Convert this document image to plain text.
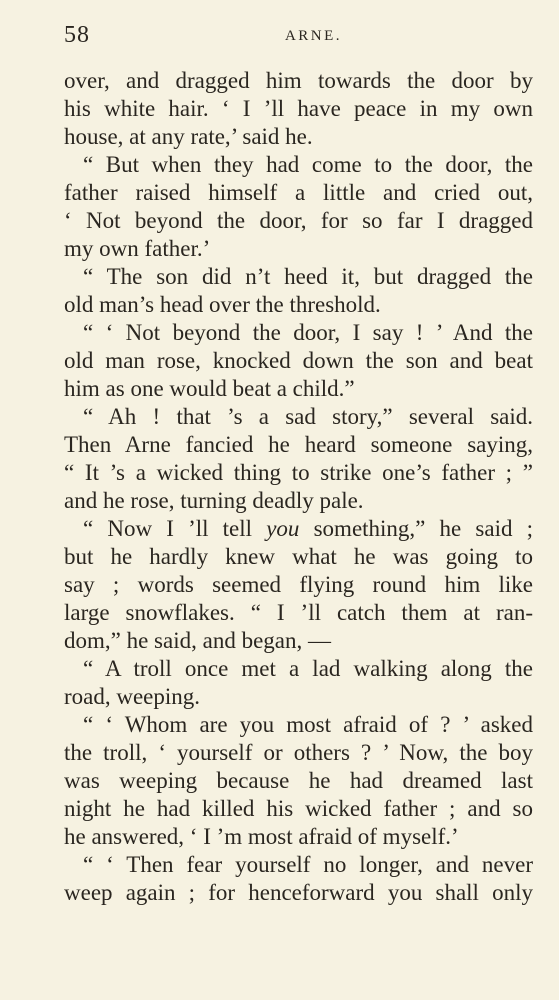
58	ARNE.
over, and dragged him towards the door by
his white hair. ‘ I ’ll have peace in my own
house, at any rate,’ said he.
“ But when they had come to the door, the
father raised himself a little and cried out,
‘ Not beyond the door, for so far I dragged
my own father.’
“ The son did n’t heed it, but dragged the
old man’s head over the threshold.
“ ‘ Not beyond the door, I say ! ’ And the
old man rose, knocked down the son and beat
him as one would beat a child.”
“ Ah ! that ’s a sad story,” several said.
Then Arne fancied he heard someone saying,
“ It ’s a wicked thing to strike one’s father ; ”
and he rose, turning deadly pale.
“ Now I ’ll tell you something,” he said ;
but he hardly knew what he was going to
say ; words seemed flying round him like
large snowflakes. “ I ’ll catch them at ran-
dom,” he said, and began, —
“ A troll once met a lad walking along the
road, weeping.
“ ‘ Whom are you most afraid of ? ’ asked
the troll, ‘ yourself or others ? ’ Now, the boy
was weeping because he had dreamed last
night he had killed his wicked father ; and so
he answered, ‘ I ’m most afraid of myself.’
“ ‘ Then fear yourself no longer, and never
weep again ; for henceforward you shall only
